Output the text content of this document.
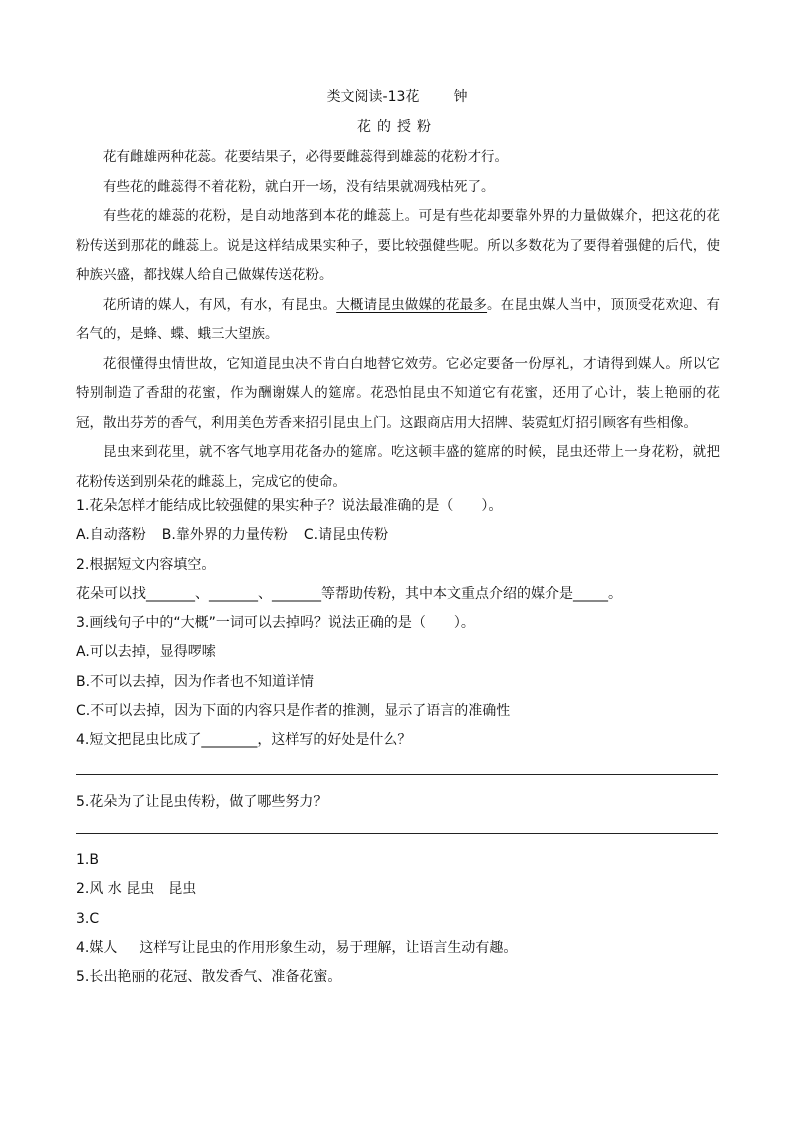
类文阅读-13花 钟
花的授粉

花有雌雄两种花蕊。花要结果子，必得要雌蕊得到雄蕊的花粉才行。

有些花的雌蕊得不着花粉，就白开一场，没有结果就凋残枯死了。

有些花的雄蕊的花粉，是自动地落到本花的雌蕊上。可是有些花却要靠外界的力量做媒介，把这花的花粉传送到那花的雌蕊上。说是这样结成果实种子，要比较强健些呢。所以多数花为了要得着强健的后代，使种族兴盛，都找媒人给自己做媒传送花粉。

花所请的媒人，有风，有水，有昆虫。大概请昆虫做媒的花最多。在昆虫媒人当中，顶顶受花欢迎、有名气的，是蜂、蝶、蛾三大望族。

花很懂得虫情世故，它知道昆虫决不肯白白地替它效劳。它必定要备一份厚礼，才请得到媒人。所以它特别制造了香甜的花蜜，作为酬谢媒人的筵席。花恐怕昆虫不知道它有花蜜，还用了心计，装上艳丽的花冠，散出芬芳的香气，利用美色芳香来招引昆虫上门。这跟商店用大招牌、装霓虹灯招引顾客有些相像。

昆虫来到花里，就不客气地享用花备办的筵席。吃这顿丰盛的筵席的时候，昆虫还带上一身花粉，就把花粉传送到别朵花的雌蕊上，完成它的使命。

1.花朵怎样才能结成比较强健的果实种子？说法最准确的是（　　）。
A.自动落粉 B.靠外界的力量传粉 C.请昆虫传粉
2.根据短文内容填空。
花朵可以找_______、_______、_______等帮助传粉，其中本文重点介绍的媒介是_____。
3.画线句子中的“大概”一词可以去掉吗？说法正确的是（　　）。
A.可以去掉，显得啰嗦
B.不可以去掉，因为作者也不知道详情
C.不可以去掉，因为下面的内容只是作者的推测，显示了语言的准确性
4.短文把昆虫比成了________，这样写的好处是什么？
5.花朵为了让昆虫传粉，做了哪些努力？
1.B
2.风 水 昆虫　昆虫
3.C
4.媒人 这样写让昆虫的作用形象生动，易于理解，让语言生动有趣。
5.长出艳丽的花冠、散发香气、准备花蜜。
